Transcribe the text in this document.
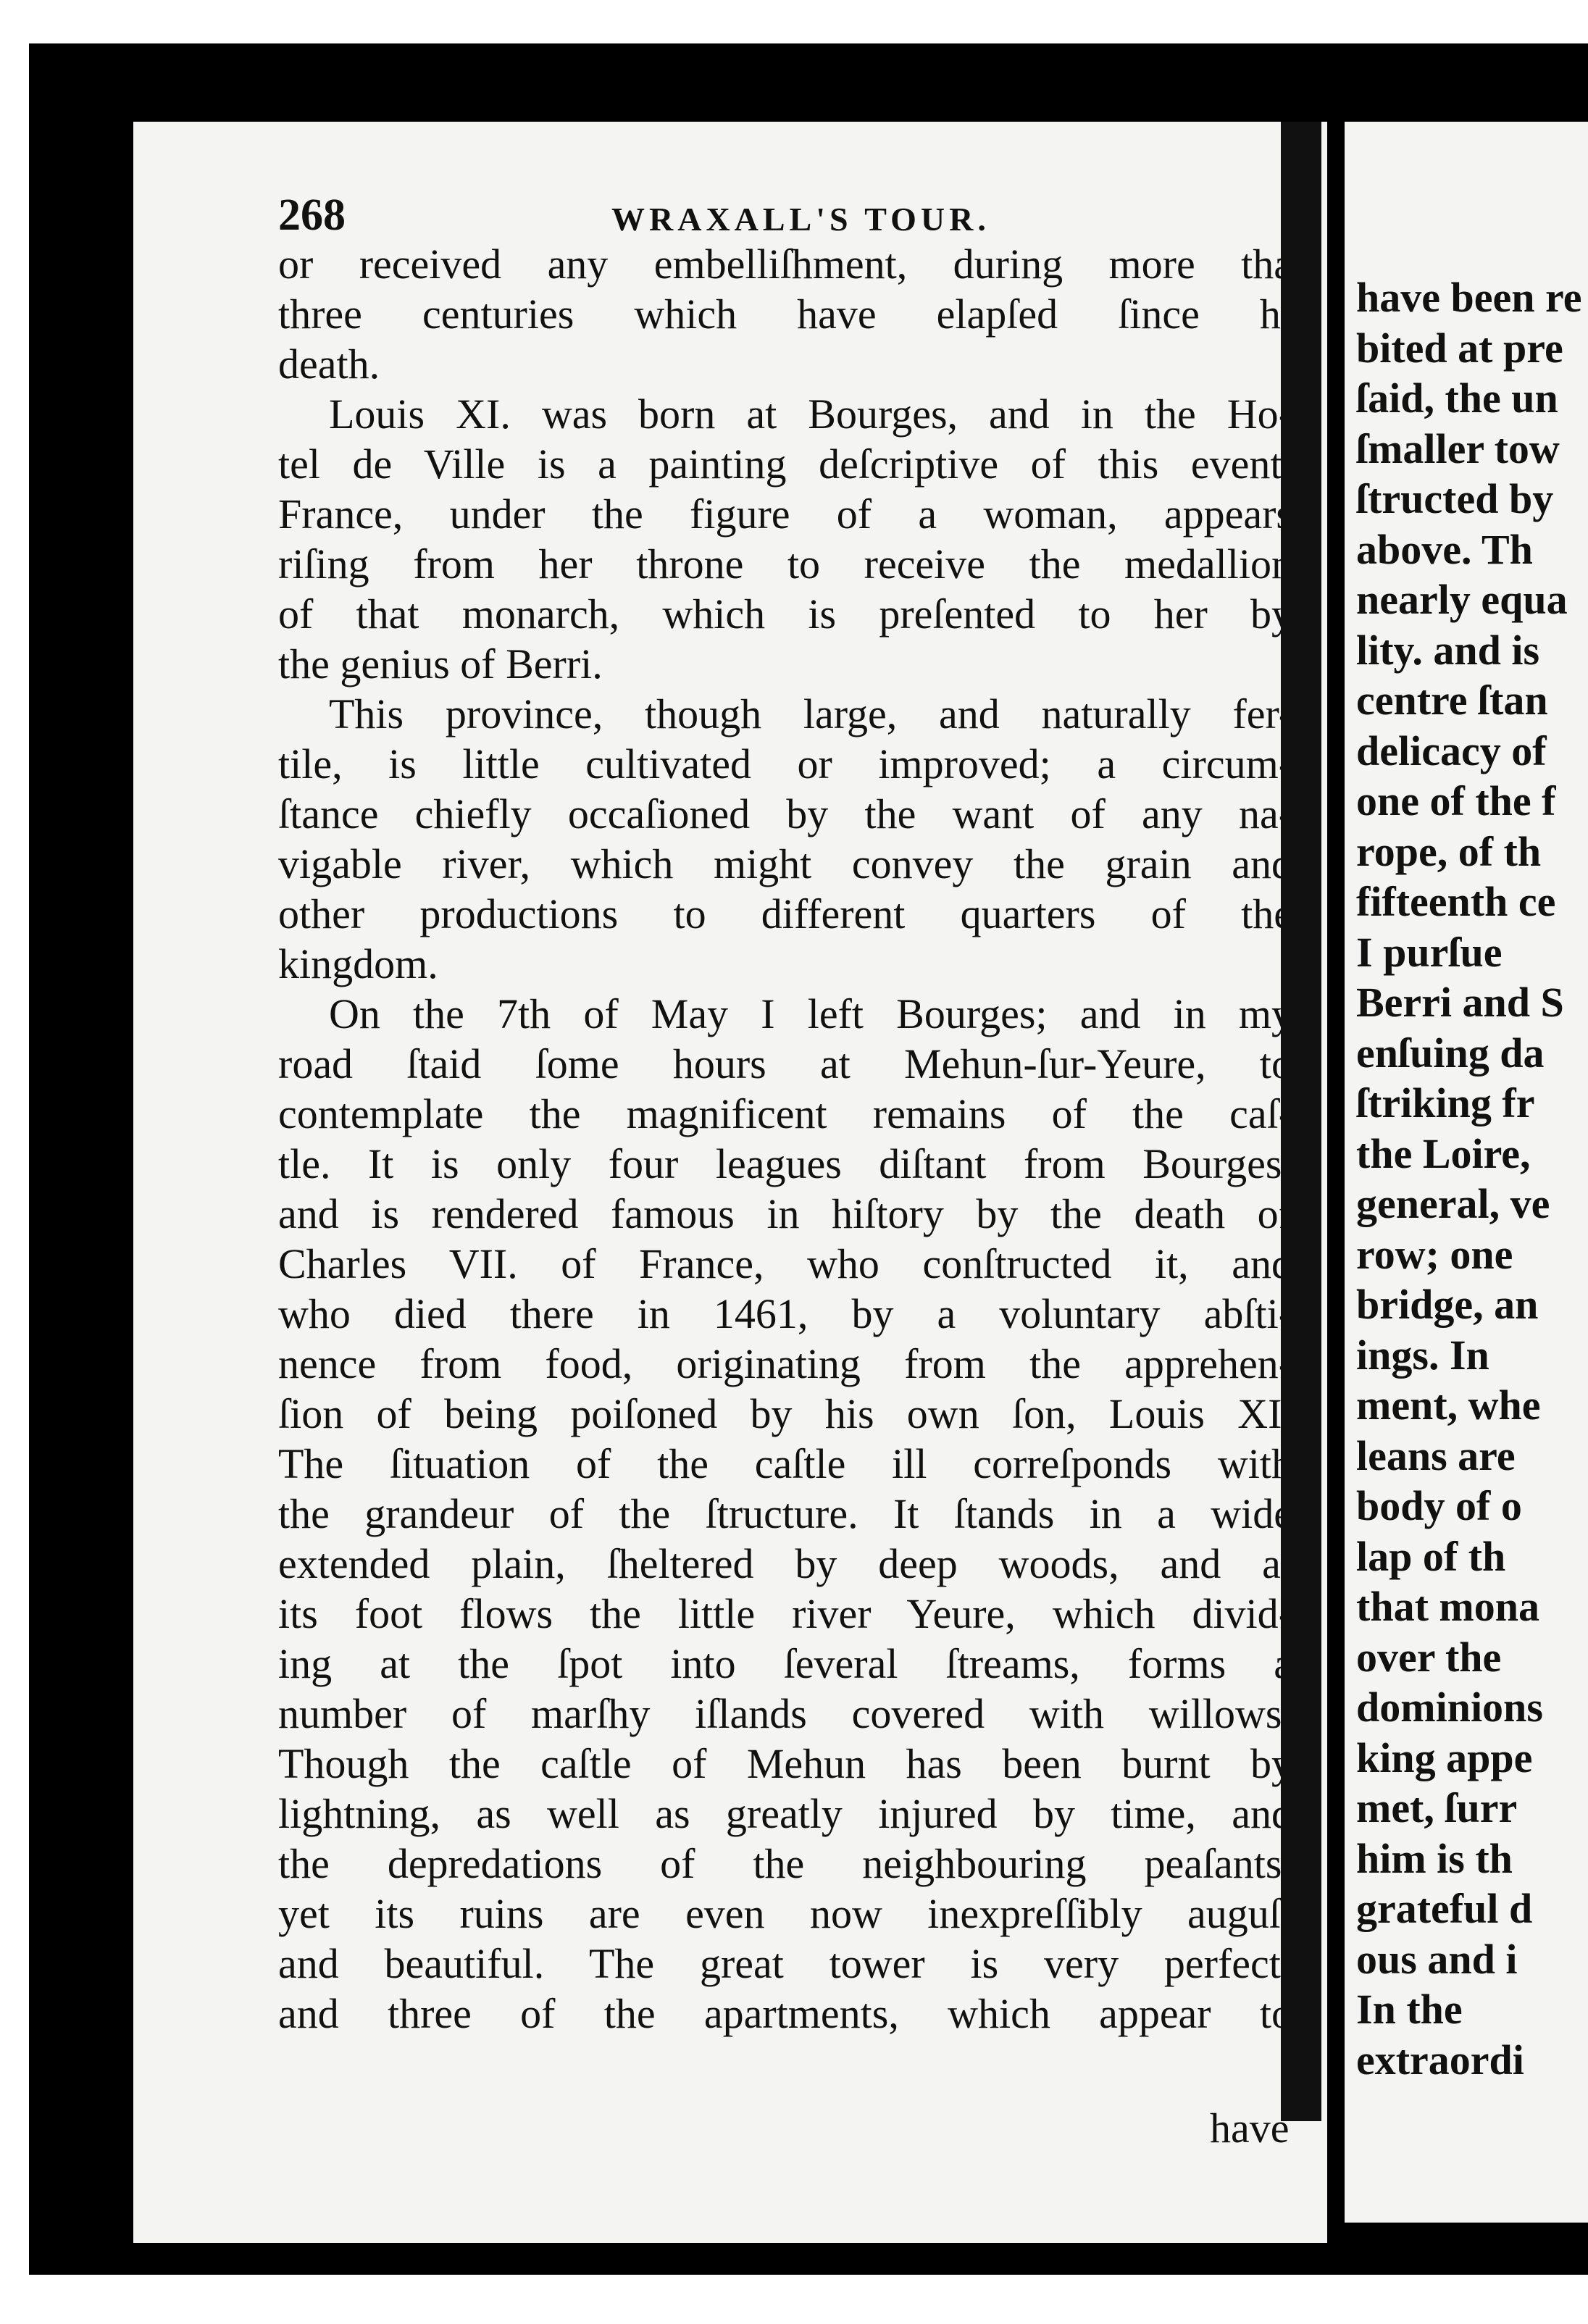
268	WRAXALL'S TOUR.
or received any embelliſhment, during more tha
three centuries which have elapſed ſince hi
death.
Louis XI. was born at Bourges, and in the Ho-
tel de Ville is a painting deſcriptive of this event.
France, under the figure of a woman, appears
riſing from her throne to receive the medallion
of that monarch, which is preſented to her by
the genius of Berri.
This province, though large, and naturally fer-
tile, is little cultivated or improved; a circum-
ſtance chiefly occaſioned by the want of any na-
vigable river, which might convey the grain and
other productions to different quarters of the
kingdom.
On the 7th of May I left Bourges; and in my
road ſtaid ſome hours at Mehun-ſur-Yeure, to
contemplate the magnificent remains of the caſ-
tle. It is only four leagues diſtant from Bourges,
and is rendered famous in hiſtory by the death of
Charles VII. of France, who conſtructed it, and
who died there in 1461, by a voluntary abſti-
nence from food, originating from the apprehen-
ſion of being poiſoned by his own ſon, Louis XI.
The ſituation of the caſtle ill correſponds with
the grandeur of the ſtructure. It ſtands in a wide
extended plain, ſheltered by deep woods, and at
its foot flows the little river Yeure, which divid-
ing at the ſpot into ſeveral ſtreams, forms a
number of marſhy iſlands covered with willows.
Though the caſtle of Mehun has been burnt by
lightning, as well as greatly injured by time, and
the depredations of the neighbouring peaſants,
yet its ruins are even now inexpreſſibly auguſt
and beautiful. The great tower is very perfect;
and three of the apartments, which appear to
have
have been re
bited at pre
ſaid, the un
ſmaller tow
ſtructed by
above. Th
nearly equa
lity. and is
centre ſtan
delicacy of
one of the f
rope, of th
fifteenth ce
I purſue
Berri and S
enſuing da
ſtriking fr
the Loire,
general, ve
row; one
bridge, an
ings. In
ment, whe
leans are
body of o
lap of th
that mona
over the
dominions
king appe
met, ſurr
him is th
grateful d
ous and i
In the
extraordi
